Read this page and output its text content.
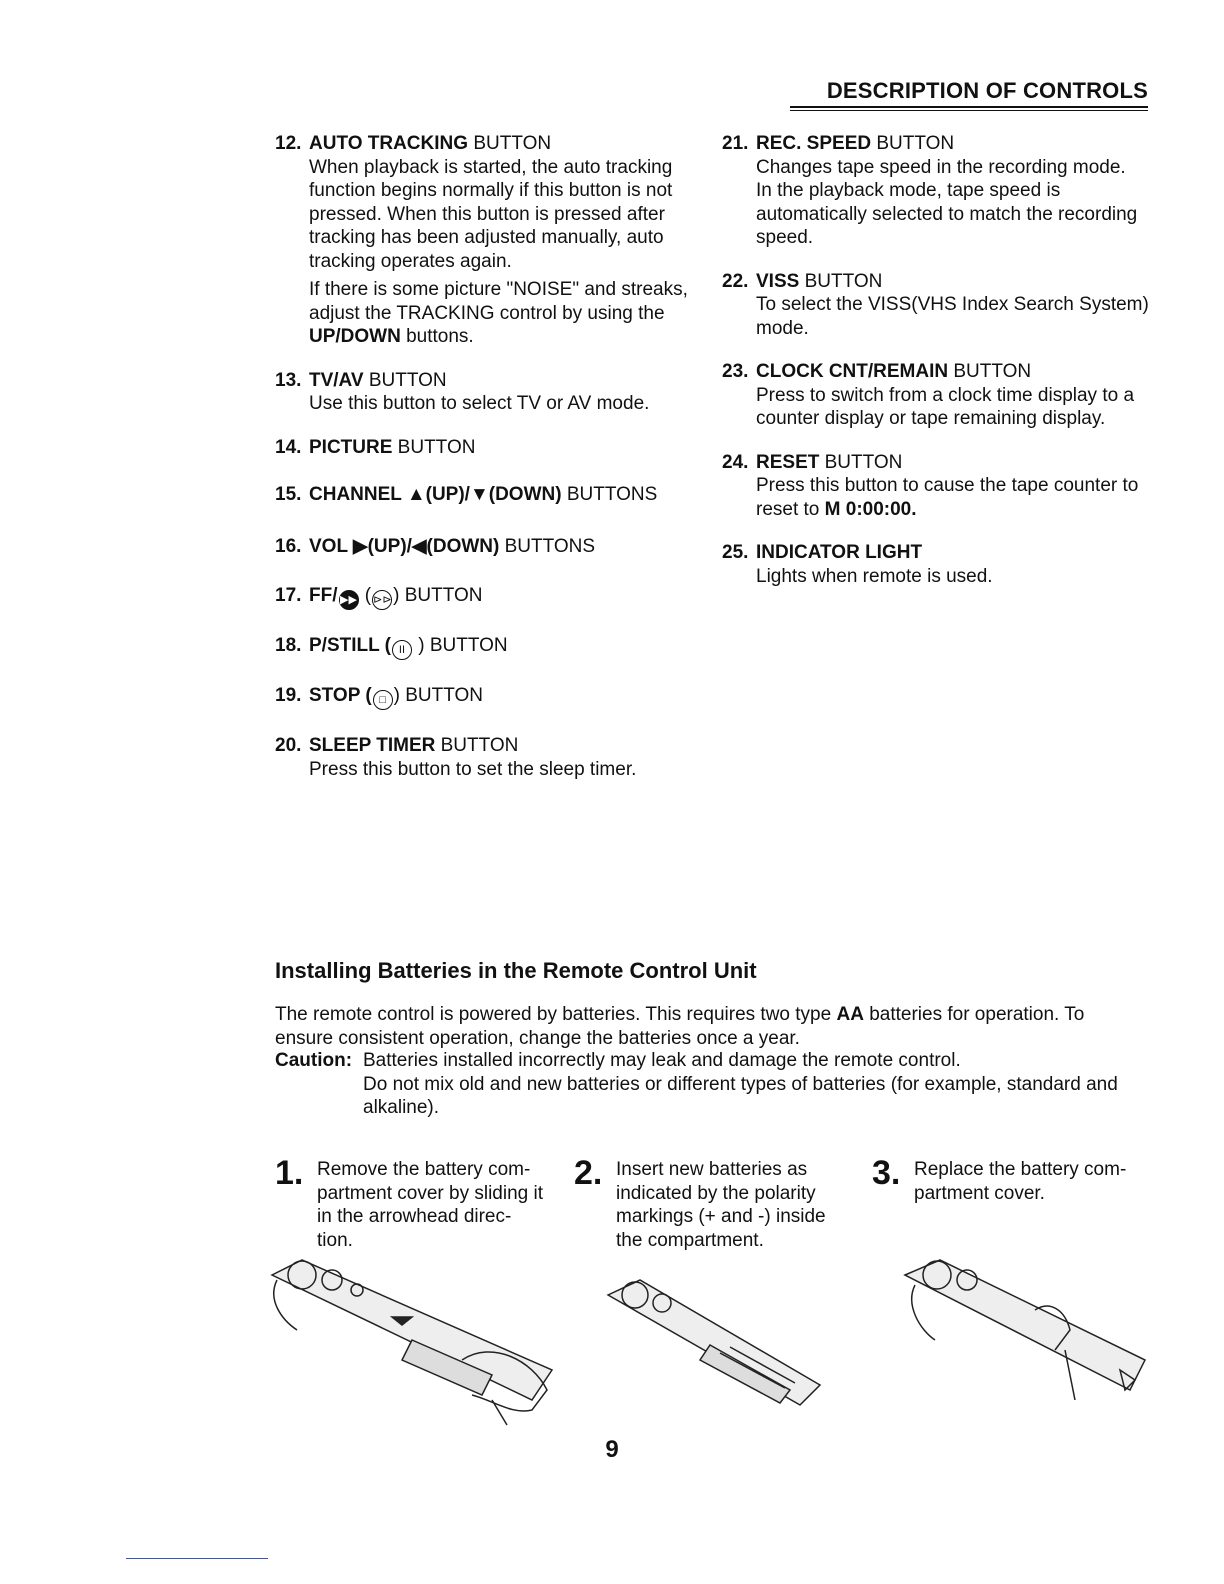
DESCRIPTION OF CONTROLS
12. AUTO TRACKING BUTTON

When playback is started, the auto tracking function begins normally if this button is not pressed. When this button is pressed after tracking has been adjusted manually, auto tracking operates again.

If there is some picture "NOISE" and streaks, adjust the TRACKING control by using the UP/DOWN buttons.

13. TV/AV BUTTON

Use this button to select TV or AV mode.

14. PICTURE BUTTON
15. CHANNEL ▲(UP)/▼(DOWN) BUTTONS
16. VOL ▶(UP)/◀(DOWN) BUTTONS
17. FF/ ▶▶ ( ⊳⊳) BUTTON
18. P/STILL ( II ) BUTTON
19. STOP ( □ ) BUTTON
20. SLEEP TIMER BUTTON

Press this button to set the sleep timer.

21. REC. SPEED BUTTON

Changes tape speed in the recording mode.

In the playback mode, tape speed is automatically selected to match the recording speed.

22. VISS BUTTON

To select the VISS(VHS Index Search System) mode.

23. CLOCK CNT/REMAIN BUTTON

Press to switch from a clock time display to a counter display or tape remaining display.

24. RESET BUTTON

Press this button to cause the tape counter to reset to M 0:00:00.

25. INDICATOR LIGHT

Lights when remote is used.

Installing Batteries in the Remote Control Unit
The remote control is powered by batteries. This requires two type AA batteries for operation. To ensure consistent operation, change the batteries once a year.
Caution: Batteries installed incorrectly may leak and damage the remote control.

Do not mix old and new batteries or different types of batteries (for example, standard and alkaline).

1. Remove the battery com-partment cover by sliding it in the arrowhead direc-tion.
2. Insert new batteries as indicated by the polarity markings (+ and -) inside the compartment.
3. Replace the battery com-partment cover.
9
